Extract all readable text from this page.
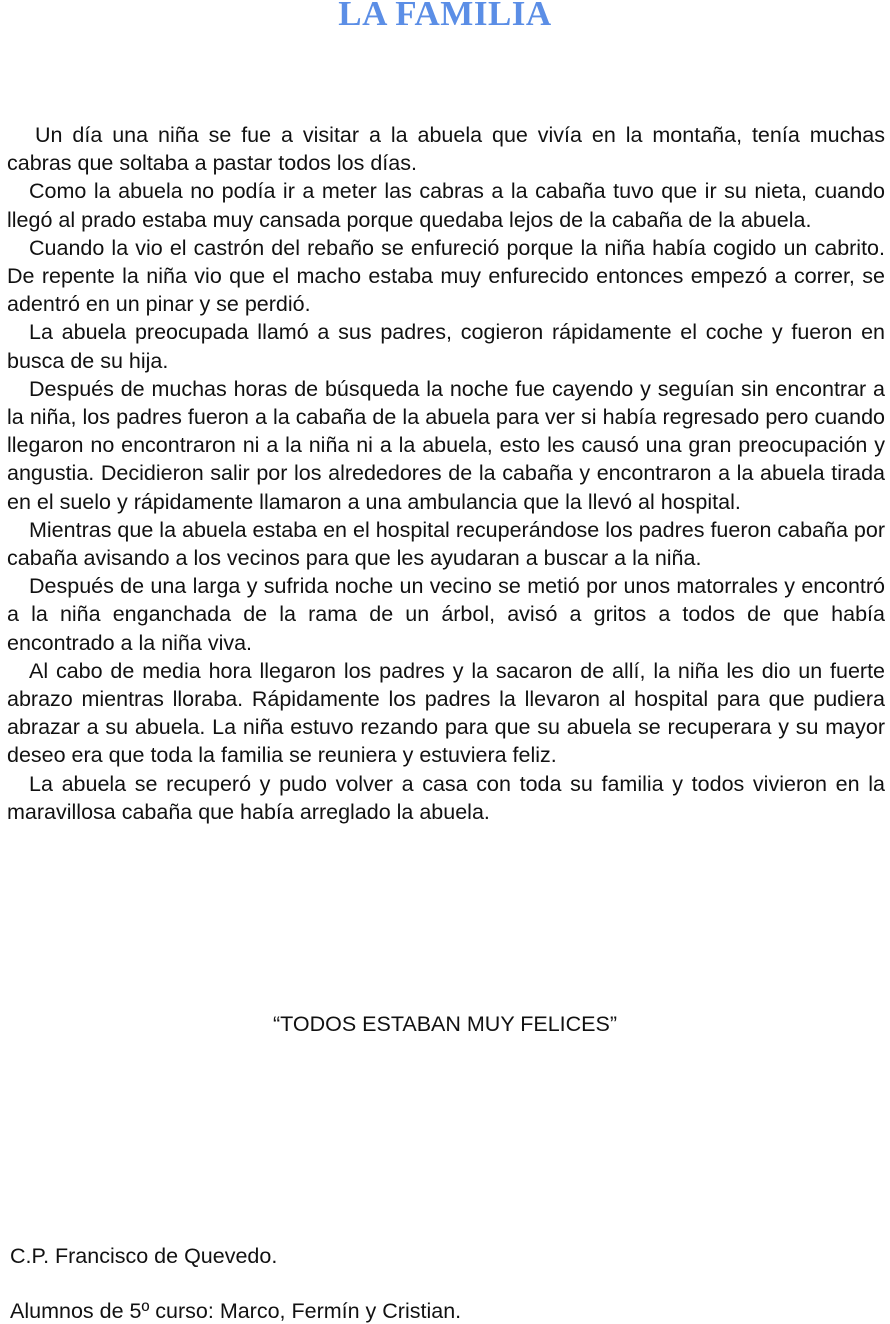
LA FAMILIA

Un día una niña se fue a visitar a la abuela que vivía en la montaña, tenía muchas cabras que soltaba a pastar todos los días.

Como la abuela no podía ir a meter las cabras a la cabaña tuvo que ir su nieta, cuando llegó al prado estaba muy cansada porque quedaba lejos de la cabaña de la abuela.

Cuando la vio el castrón del rebaño se enfureció porque la niña había cogido un cabrito. De repente la niña vio que el macho estaba muy enfurecido entonces empezó a correr, se adentró en un pinar y se perdió.

La abuela preocupada llamó a sus padres, cogieron rápidamente el coche y fueron en busca de su hija.

Después de muchas horas de búsqueda la noche fue cayendo y seguían sin encontrar a la niña, los padres fueron a la cabaña de la abuela para ver si había regresado pero cuando llegaron no encontraron ni a la niña ni a la abuela, esto les causó una gran preocupación y angustia. Decidieron salir por los alrededores de la cabaña y encontraron a la abuela tirada en el suelo y rápidamente llamaron a una ambulancia que la llevó al hospital.

Mientras que la abuela estaba en el hospital recuperándose los padres fueron cabaña por cabaña avisando a los vecinos para que les ayudaran a buscar a la niña.

Después de una larga y sufrida noche un vecino se metió por unos matorrales y encontró a la niña enganchada de la rama de un árbol, avisó a gritos a todos de que había encontrado a la niña viva.

Al cabo de media hora llegaron los padres y la sacaron de allí, la niña les dio un fuerte abrazo mientras lloraba. Rápidamente los padres la llevaron al hospital para que pudiera abrazar a su abuela. La niña estuvo rezando para que su abuela se recuperara y su mayor deseo era que toda la familia se reuniera y estuviera feliz.

La abuela se recuperó y pudo volver a casa con toda su familia y todos vivieron en la maravillosa cabaña que había arreglado la abuela.

“TODOS ESTABAN MUY FELICES”

C.P. Francisco de Quevedo.

Alumnos de 5º curso: Marco, Fermín y Cristian.
